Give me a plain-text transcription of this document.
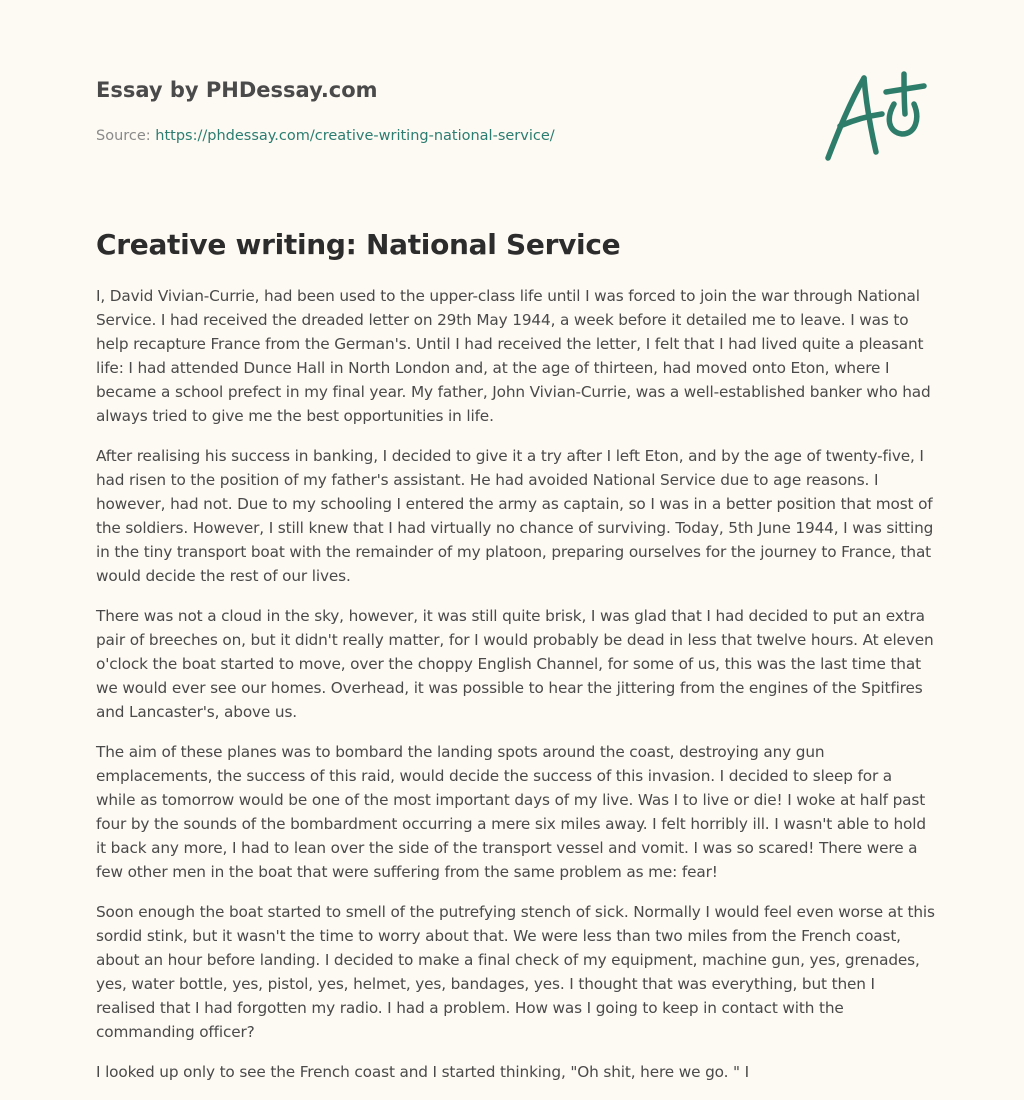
Essay by PHDessay.com
Source: https://phdessay.com/creative-writing-national-service/
Creative writing: National Service

I, David Vivian-Currie, had been used to the upper-class life until I was forced to join the war through National Service. I had received the dreaded letter on 29th May 1944, a week before it detailed me to leave. I was to help recapture France from the German's. Until I had received the letter, I felt that I had lived quite a pleasant life: I had attended Dunce Hall in North London and, at the age of thirteen, had moved onto Eton, where I became a school prefect in my final year. My father, John Vivian-Currie, was a well-established banker who had always tried to give me the best opportunities in life.

After realising his success in banking, I decided to give it a try after I left Eton, and by the age of twenty-five, I had risen to the position of my father's assistant. He had avoided National Service due to age reasons. I however, had not. Due to my schooling I entered the army as captain, so I was in a better position that most of the soldiers. However, I still knew that I had virtually no chance of surviving. Today, 5th June 1944, I was sitting in the tiny transport boat with the remainder of my platoon, preparing ourselves for the journey to France, that would decide the rest of our lives.

There was not a cloud in the sky, however, it was still quite brisk, I was glad that I had decided to put an extra pair of breeches on, but it didn't really matter, for I would probably be dead in less that twelve hours. At eleven o'clock the boat started to move, over the choppy English Channel, for some of us, this was the last time that we would ever see our homes. Overhead, it was possible to hear the jittering from the engines of the Spitfires and Lancaster's, above us.

The aim of these planes was to bombard the landing spots around the coast, destroying any gun emplacements, the success of this raid, would decide the success of this invasion. I decided to sleep for a while as tomorrow would be one of the most important days of my live. Was I to live or die! I woke at half past four by the sounds of the bombardment occurring a mere six miles away. I felt horribly ill. I wasn't able to hold it back any more, I had to lean over the side of the transport vessel and vomit. I was so scared! There were a few other men in the boat that were suffering from the same problem as me: fear!

Soon enough the boat started to smell of the putrefying stench of sick. Normally I would feel even worse at this sordid stink, but it wasn't the time to worry about that. We were less than two miles from the French coast, about an hour before landing. I decided to make a final check of my equipment, machine gun, yes, grenades, yes, water bottle, yes, pistol, yes, helmet, yes, bandages, yes. I thought that was everything, but then I realised that I had forgotten my radio. I had a problem. How was I going to keep in contact with the commanding officer?

I looked up only to see the French coast and I started thinking, "Oh shit, here we go. " I
